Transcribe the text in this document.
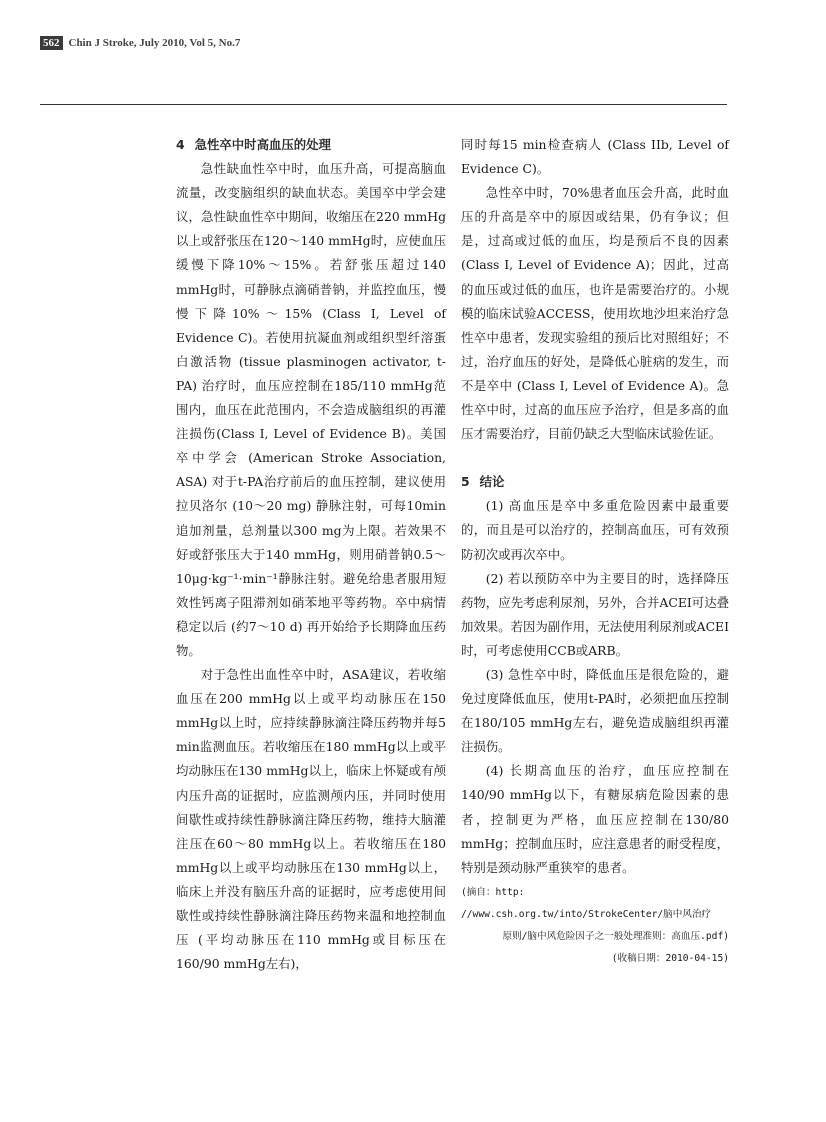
562 Chin J Stroke, July 2010, Vol 5, No.7
4 急性卒中时高血压的处理

急性缺血性卒中时，血压升高，可提高脑血流量，改变脑组织的缺血状态。美国卒中学会建议，急性缺血性卒中期间，收缩压在220 mmHg以上或舒张压在120～140 mmHg时，应使血压缓慢下降10%～15%。若舒张压超过140 mmHg时，可静脉点滴硝普钠，并监控血压，慢慢下降10%～15% (Class I, Level of Evidence C)。若使用抗凝血剂或组织型纤溶蛋白激活物 (tissue plasminogen activator, t-PA) 治疗时，血压应控制在185/110 mmHg范围内，血压在此范围内，不会造成脑组织的再灌注损伤(Class I, Level of Evidence B)。美国卒中学会 (American Stroke Association, ASA) 对于t-PA治疗前后的血压控制，建议使用拉贝洛尔 (10～20 mg) 静脉注射，可每10min追加剂量，总剂量以300 mg为上限。若效果不好或舒张压大于140 mmHg，则用硝普钠0.5～10μg·kg⁻¹·min⁻¹静脉注射。避免给患者服用短效性钙离子阻滞剂如硝苯地平等药物。卒中病情稳定以后 (约7～10 d) 再开始给予长期降血压药物。

对于急性出血性卒中时，ASA建议，若收缩血压在200 mmHg以上或平均动脉压在150 mmHg以上时，应持续静脉滴注降压药物并每5 min监测血压。若收缩压在180 mmHg以上或平均动脉压在130 mmHg以上，临床上怀疑或有颅内压升高的证据时，应监测颅内压，并同时使用间歇性或持续性静脉滴注降压药物，维持大脑灌注压在60～80 mmHg以上。若收缩压在180 mmHg以上或平均动脉压在130 mmHg以上，临床上并没有脑压升高的证据时，应考虑使用间歇性或持续性静脉滴注降压药物来温和地控制血压 (平均动脉压在110 mmHg或目标压在160/90 mmHg左右)，

同时每15 min检查病人 (Class IIb, Level of Evidence C)。

急性卒中时，70%患者血压会升高，此时血压的升高是卒中的原因或结果，仍有争议；但是，过高或过低的血压，均是预后不良的因素 (Class I, Level of Evidence A)；因此，过高的血压或过低的血压，也许是需要治疗的。小规模的临床试验ACCESS，使用坎地沙坦来治疗急性卒中患者，发现实验组的预后比对照组好；不过，治疗血压的好处，是降低心脏病的发生，而不是卒中 (Class I, Level of Evidence A)。急性卒中时，过高的血压应予治疗，但是多高的血压才需要治疗，目前仍缺乏大型临床试验佐证。

5 结论

(1) 高血压是卒中多重危险因素中最重要的，而且是可以治疗的，控制高血压，可有效预防初次或再次卒中。

(2) 若以预防卒中为主要目的时，选择降压药物，应先考虑利尿剂，另外，合并ACEI可达叠加效果。若因为副作用，无法使用利尿剂或ACEI时，可考虑使用CCB或ARB。

(3) 急性卒中时，降低血压是很危险的，避免过度降低血压，使用t-PA时，必须把血压控制在180/105 mmHg左右，避免造成脑组织再灌注损伤。

(4) 长期高血压的治疗，血压应控制在140/90 mmHg以下，有糖尿病危险因素的患者，控制更为严格，血压应控制在130/80 mmHg；控制血压时，应注意患者的耐受程度，特别是颈动脉严重狭窄的患者。

(摘自：http: //www.csh.org.tw/into/StrokeCenter/脑中风治疗

原则/脑中风危险因子之一般处理准则：高血压.pdf)

(收稿日期：2010-04-15)
